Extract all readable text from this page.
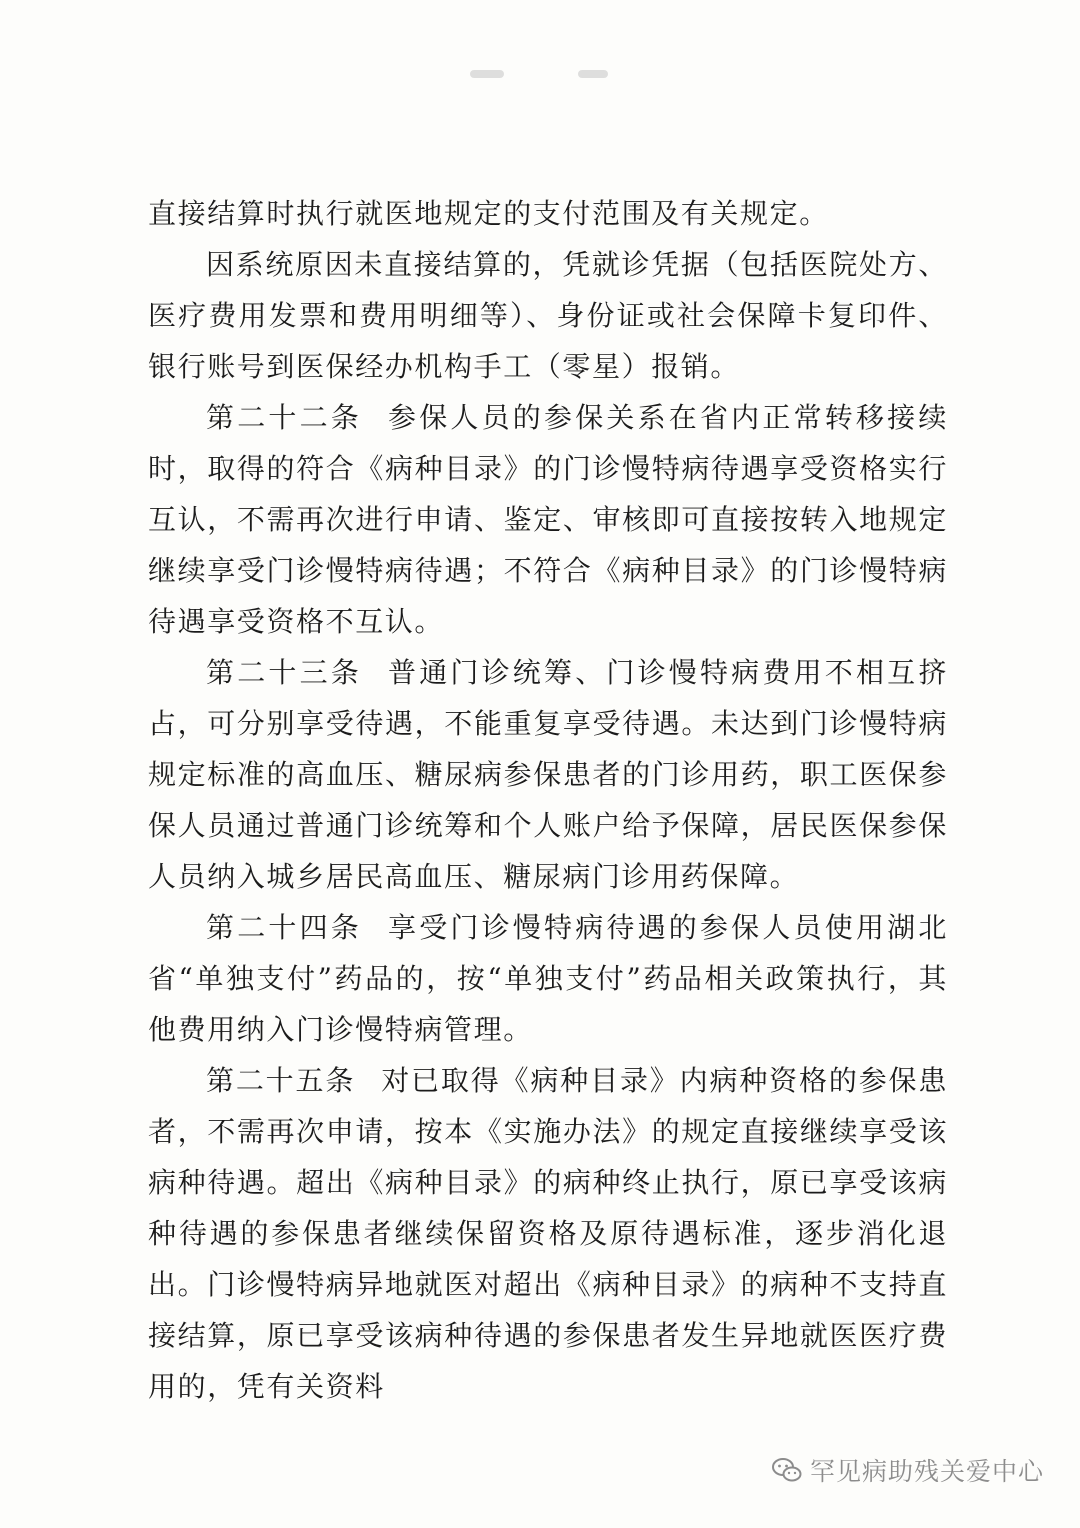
直接结算时执行就医地规定的支付范围及有关规定。

因系统原因未直接结算的，凭就诊凭据（包括医院处方、医疗费用发票和费用明细等）、身份证或社会保障卡复印件、银行账号到医保经办机构手工（零星）报销。

第二十二条 参保人员的参保关系在省内正常转移接续时，取得的符合《病种目录》的门诊慢特病待遇享受资格实行互认，不需再次进行申请、鉴定、审核即可直接按转入地规定继续享受门诊慢特病待遇；不符合《病种目录》的门诊慢特病待遇享受资格不互认。

第二十三条 普通门诊统筹、门诊慢特病费用不相互挤占，可分别享受待遇，不能重复享受待遇。未达到门诊慢特病规定标准的高血压、糖尿病参保患者的门诊用药，职工医保参保人员通过普通门诊统筹和个人账户给予保障，居民医保参保人员纳入城乡居民高血压、糖尿病门诊用药保障。

第二十四条 享受门诊慢特病待遇的参保人员使用湖北省“单独支付”药品的，按“单独支付”药品相关政策执行，其他费用纳入门诊慢特病管理。

第二十五条 对已取得《病种目录》内病种资格的参保患者，不需再次申请，按本《实施办法》的规定直接继续享受该病种待遇。超出《病种目录》的病种终止执行，原已享受该病种待遇的参保患者继续保留资格及原待遇标准，逐步消化退出。门诊慢特病异地就医对超出《病种目录》的病种不支持直接结算，原已享受该病种待遇的参保患者发生异地就医医疗费用的，凭有关资料

罕见病助残关爱中心
